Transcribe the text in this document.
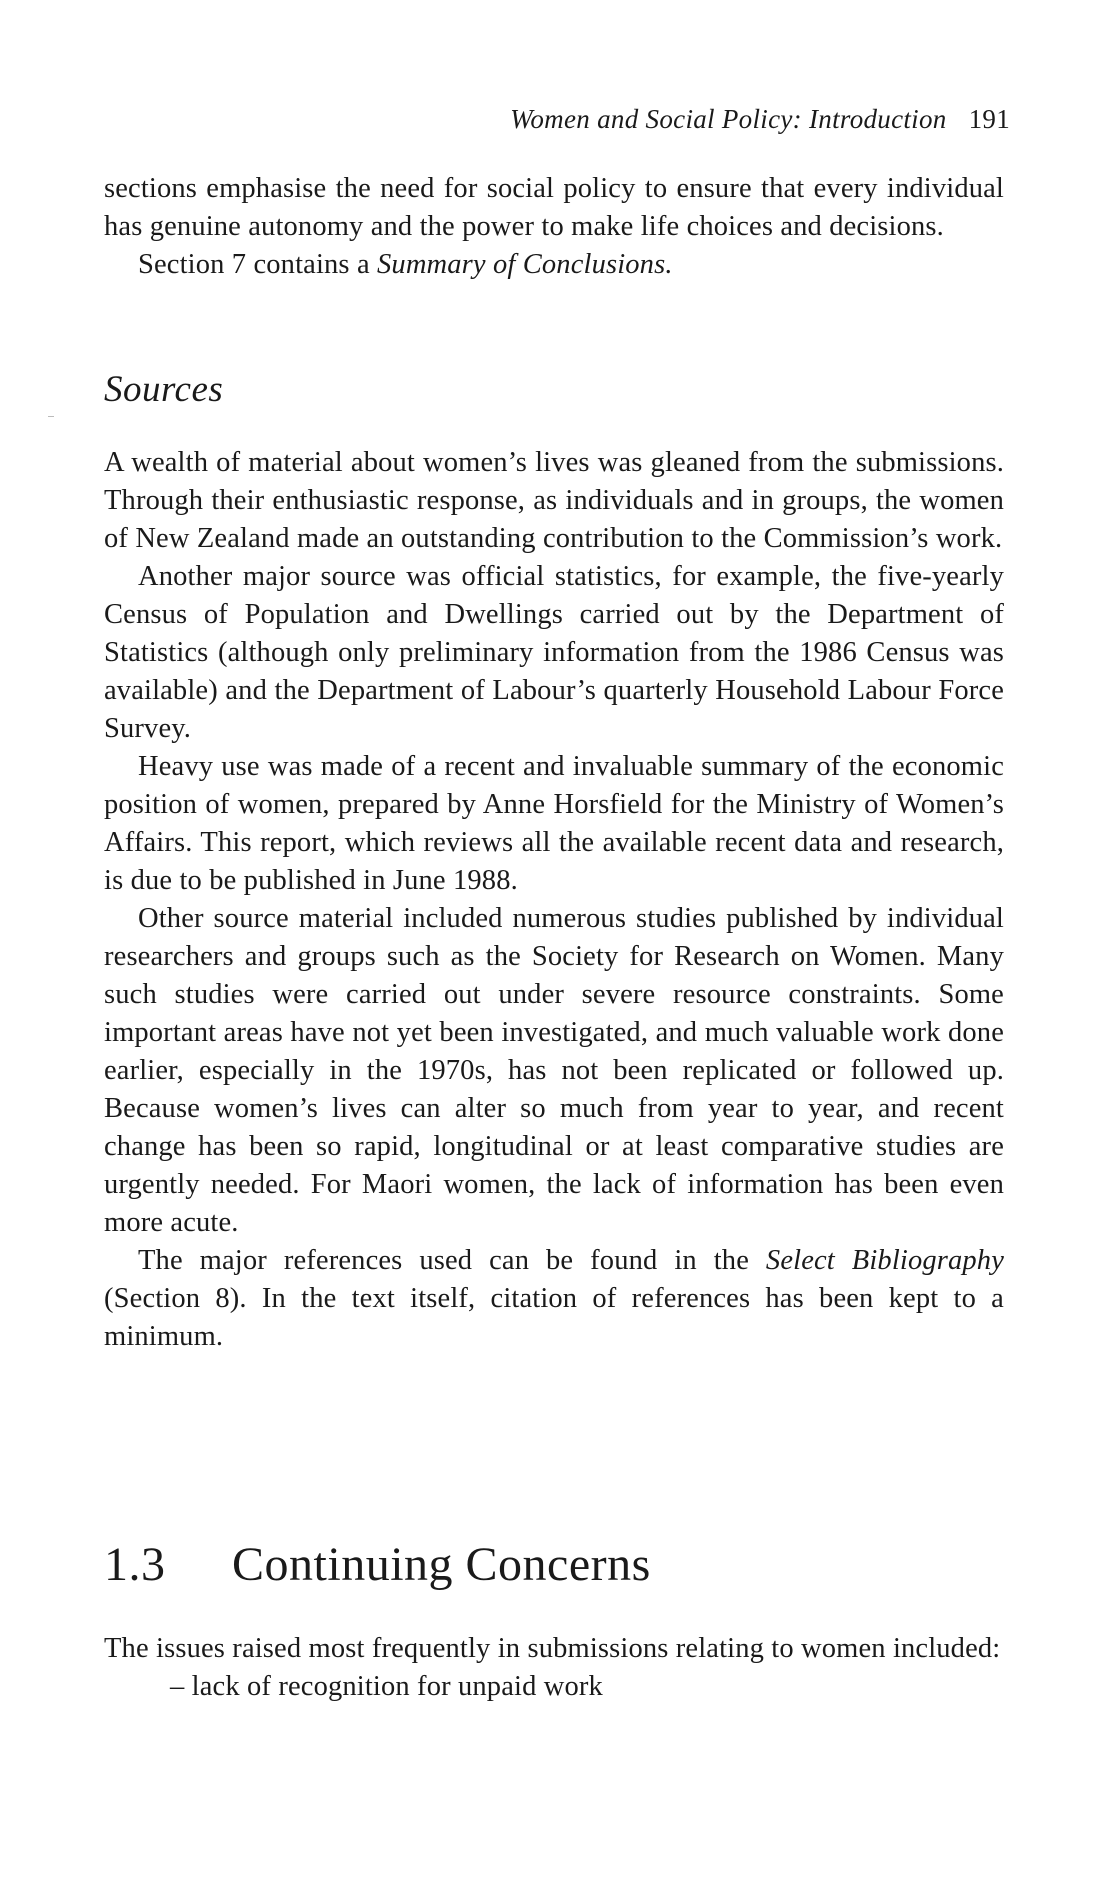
Women and Social Policy: Introduction 191

sections emphasise the need for social policy to ensure that every individual has genuine autonomy and the power to make life choices and decisions.

Section 7 contains a Summary of Conclusions.

Sources

A wealth of material about women’s lives was gleaned from the submissions. Through their enthusiastic response, as individuals and in groups, the women of New Zealand made an outstanding contribution to the Commission’s work.

Another major source was official statistics, for example, the five-yearly Census of Population and Dwellings carried out by the Department of Statistics (although only preliminary information from the 1986 Census was available) and the Department of Labour’s quarterly Household Labour Force Survey.

Heavy use was made of a recent and invaluable summary of the economic position of women, prepared by Anne Horsfield for the Ministry of Women’s Affairs. This report, which reviews all the available recent data and research, is due to be published in June 1988.

Other source material included numerous studies published by individual researchers and groups such as the Society for Research on Women. Many such studies were carried out under severe resource constraints. Some important areas have not yet been investigated, and much valuable work done earlier, especially in the 1970s, has not been replicated or followed up. Because women’s lives can alter so much from year to year, and recent change has been so rapid, longitudinal or at least comparative studies are urgently needed. For Maori women, the lack of information has been even more acute.

The major references used can be found in the Select Bibliography (Section 8). In the text itself, citation of references has been kept to a minimum.

1.3 Continuing Concerns

The issues raised most frequently in submissions relating to women included:

– lack of recognition for unpaid work
